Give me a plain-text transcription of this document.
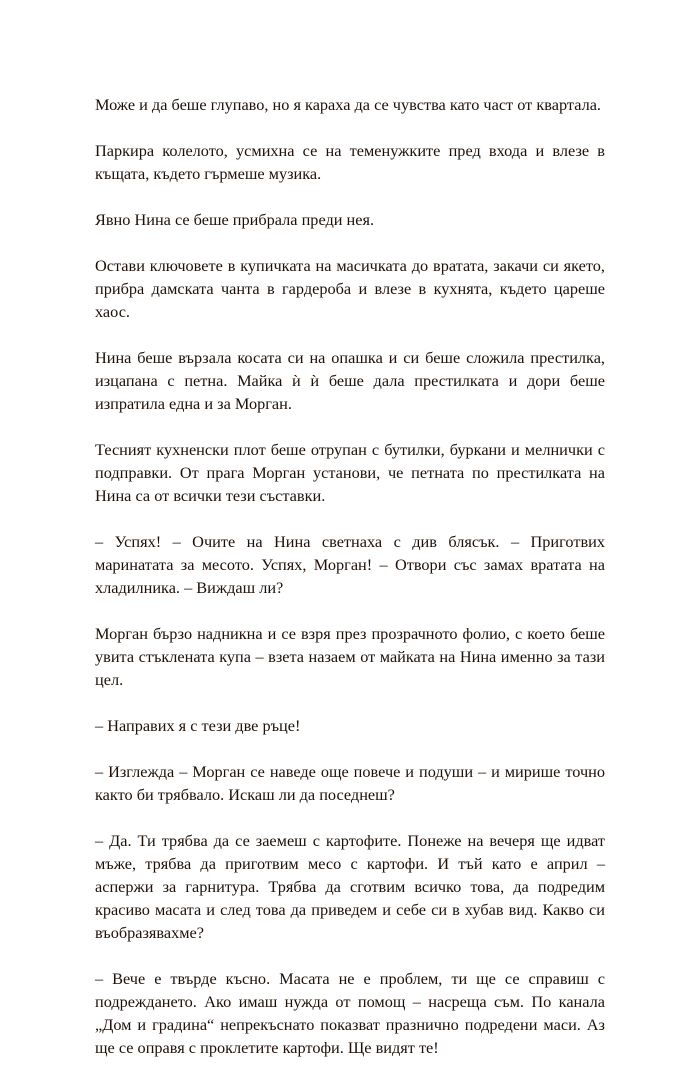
Може и да беше глупаво, но я караха да се чувства като част от квартала.

Паркира колелото, усмихна се на теменужките пред входа и влезе в къщата, където гърмеше музика.

Явно Нина се беше прибрала преди нея.

Остави ключовете в купичката на масичката до вратата, закачи си якето, прибра дамската чанта в гардероба и влезе в кухнята, където цареше хаос.

Нина беше вързала косата си на опашка и си беше сложила престилка, изцапана с петна. Майка ѝ ѝ беше дала престилката и дори беше изпратила една и за Морган.

Тесният кухненски плот беше отрупан с бутилки, буркани и мелнички с подправки. От прага Морган установи, че петната по престилката на Нина са от всички тези съставки.

– Успях! – Очите на Нина светнаха с див блясък. – Приготвих маринатата за месото. Успях, Морган! – Отвори със замах вратата на хладилника. – Виждаш ли?

Морган бързо надникна и се взря през прозрачното фолио, с което беше увита стъклената купа – взета назаем от майката на Нина именно за тази цел.

– Направих я с тези две ръце!

– Изглежда – Морган се наведе още повече и подуши – и мирише точно както би трябвало. Искаш ли да поседнеш?

– Да. Ти трябва да се заемеш с картофите. Понеже на вечеря ще идват мъже, трябва да приготвим месо с картофи. И тъй като е април – аспержи за гарнитура. Трябва да сготвим всичко това, да подредим красиво масата и след това да приведем и себе си в хубав вид. Какво си въобразявахме?

– Вече е твърде късно. Масата не е проблем, ти ще се справиш с подреждането. Ако имаш нужда от помощ – насреща съм. По канала „Дом и градина“ непрекъснато показват празнично подредени маси. Аз ще се оправя с проклетите картофи. Ще видят те!
